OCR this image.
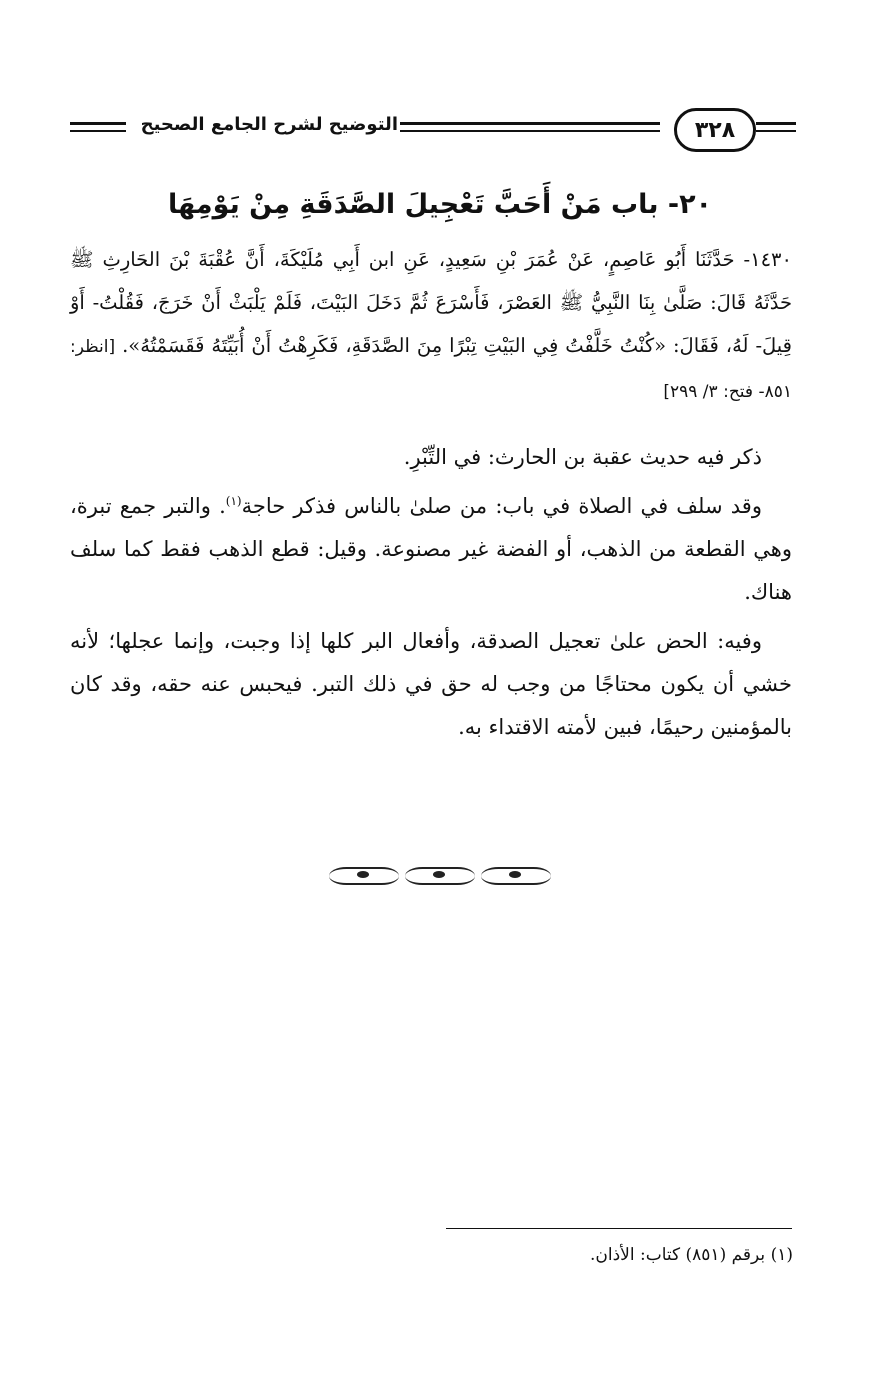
التوضيح لشرح الجامع الصحيح	٣٢٨
٢٠- باب مَنْ أَحَبَّ تَعْجِيلَ الصَّدَقَةِ مِنْ يَوْمِهَا

١٤٣٠- حَدَّثَنَا أَبُو عَاصِمٍ، عَنْ عُمَرَ بْنِ سَعِيدٍ، عَنِ ابن أَبِي مُلَيْكَةَ، أَنَّ عُقْبَةَ بْنَ الحَارِثِ ﷺ حَدَّثَهُ قَالَ: صَلَّىٰ بِنَا النَّبِيُّ ﷺ العَصْرَ، فَأَسْرَعَ ثُمَّ دَخَلَ البَيْتَ، فَلَمْ يَلْبَثْ أَنْ خَرَجَ، فَقُلْتُ- أَوْ قِيلَ- لَهُ، فَقَالَ: «كُنْتُ خَلَّفْتُ فِي البَيْتِ تِبْرًا مِنَ الصَّدَقَةِ، فَكَرِهْتُ أَنْ أُبَيِّتَهُ فَقَسَمْتُهُ». [انظر: ٨٥١- فتح: ٣/ ٢٩٩]

ذكر فيه حديث عقبة بن الحارث: في التِّبْرِ.

وقد سلف في الصلاة في باب: من صلىٰ بالناس فذكر حاجة$^{(١)}$. والتبر جمع تبرة، وهي القطعة من الذهب، أو الفضة غير مصنوعة. وقيل: قطع الذهب فقط كما سلف هناك.

وفيه: الحض علىٰ تعجيل الصدقة، وأفعال البر كلها إذا وجبت، وإنما عجلها؛ لأنه خشي أن يكون محتاجًا من وجب له حق في ذلك التبر. فيحبس عنه حقه، وقد كان بالمؤمنين رحيمًا، فبين لأمته الاقتداء به.

(١) برقم (٨٥١) كتاب: الأذان.
